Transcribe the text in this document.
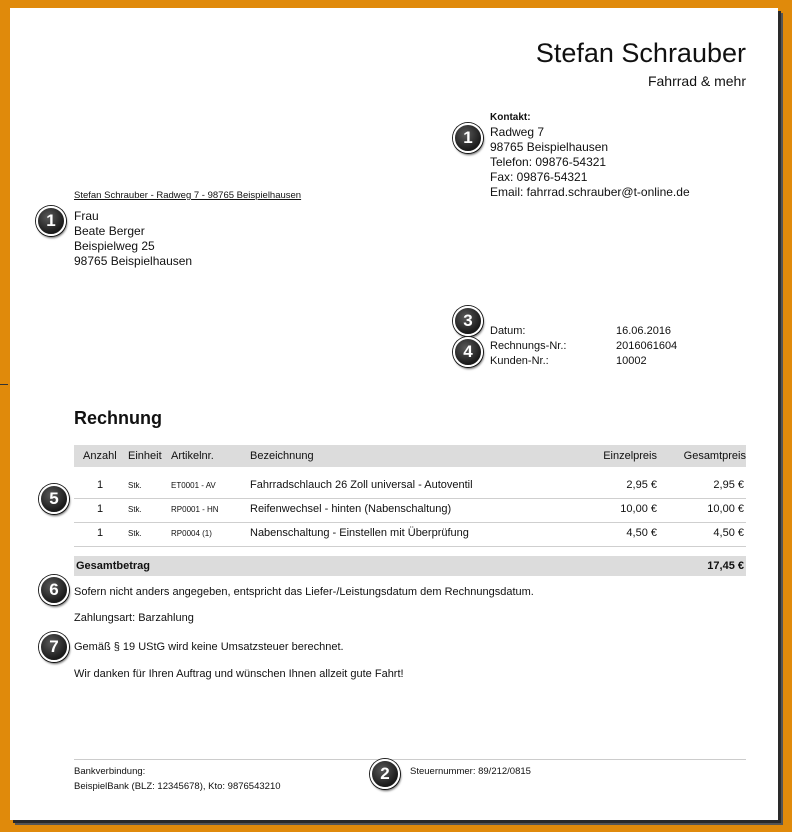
Stefan Schrauber
Fahrrad & mehr
Kontakt:
Radweg 7
98765 Beispielhausen
Telefon: 09876-54321
Fax: 09876-54321
Email: fahrrad.schrauber@t-online.de
Stefan Schrauber - Radweg 7 - 98765 Beispielhausen
Frau
Beate Berger
Beispielweg 25
98765 Beispielhausen
Datum:	16.06.2016
Rechnungs-Nr.:	2016061604
Kunden-Nr.:	10002
Rechnung
Anzahl Einheit Artikelnr.	Bezeichnung	Einzelpreis Gesamtpreis
1	Stk.	ET0001 - AV	Fahrradschlauch 26 Zoll universal - Autoventil	2,95 €	2,95 €
1	Stk.	RP0001 - HN	Reifenwechsel - hinten (Nabenschaltung)	10,00 €	10,00 €
1	Stk.	RP0004 (1)	Nabenschaltung - Einstellen mit Überprüfung	4,50 €	4,50 €
Gesamtbetrag	17,45 €
Sofern nicht anders angegeben, entspricht das Liefer-/Leistungsdatum dem Rechnungsdatum.
Zahlungsart: Barzahlung
Gemäß § 19 UStG wird keine Umsatzsteuer berechnet.
Wir danken für Ihren Auftrag und wünschen Ihnen allzeit gute Fahrt!
Bankverbindung:
BeispielBank (BLZ: 12345678), Kto: 9876543210
Steuernummer: 89/212/0815
1
1
3
4
5
6
7
2
